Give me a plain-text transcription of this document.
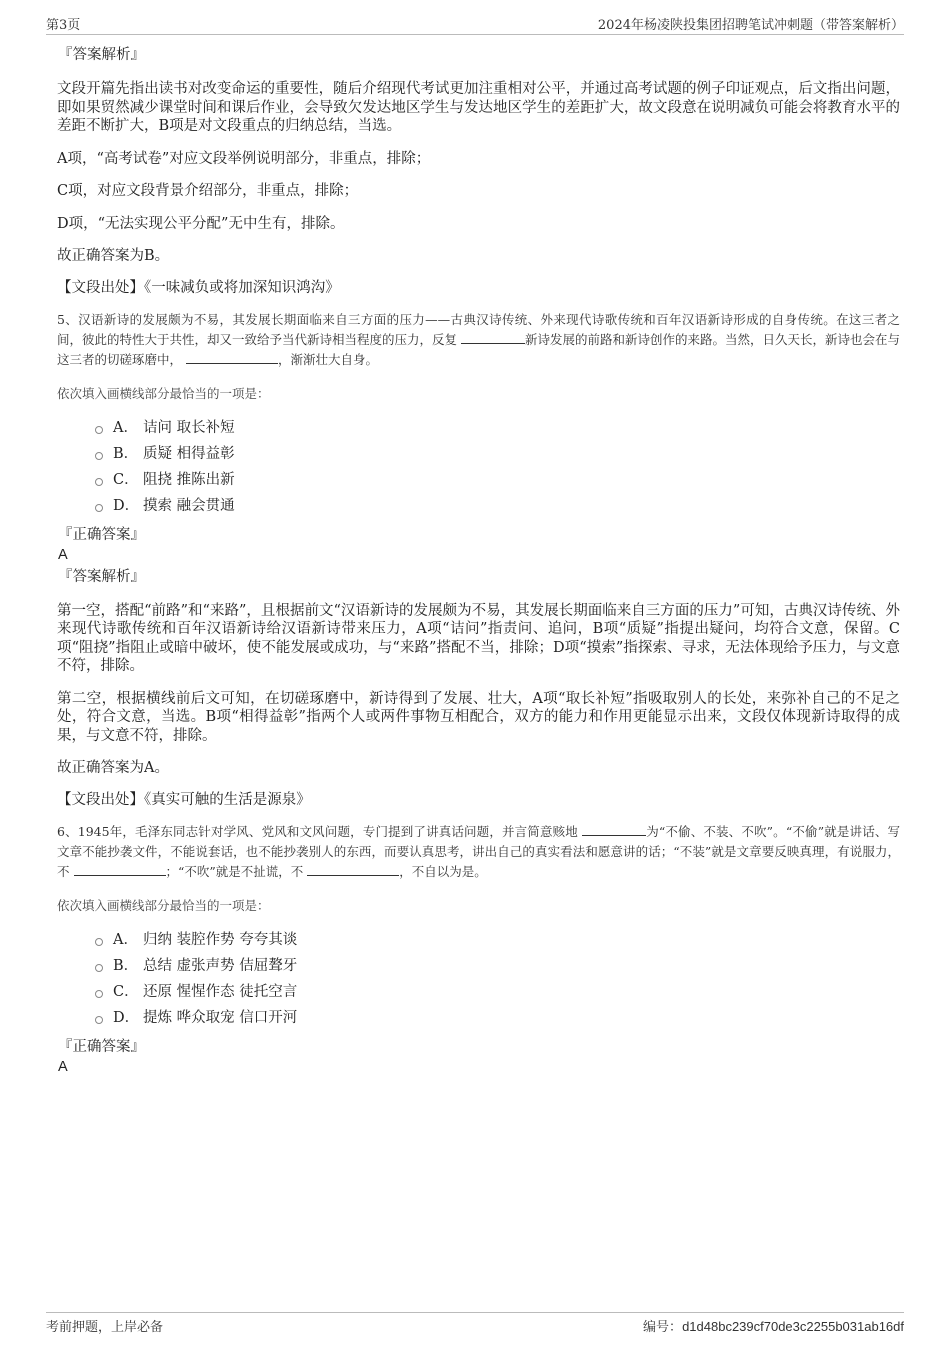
第3页	2024年杨凌陕投集团招聘笔试冲刺题（带答案解析）

『答案解析』

文段开篇先指出读书对改变命运的重要性，随后介绍现代考试更加注重相对公平，并通过高考试题的例子印证观点，后文指出问题，即如果贸然减少课堂时间和课后作业，会导致欠发达地区学生与发达地区学生的差距扩大，故文段意在说明减负可能会将教育水平的差距不断扩大，B项是对文段重点的归纳总结，当选。

A项，“高考试卷”对应文段举例说明部分，非重点，排除；

C项，对应文段背景介绍部分，非重点，排除；

D项，“无法实现公平分配”无中生有，排除。

故正确答案为B。

【文段出处】《一味减负或将加深知识鸿沟》

5、汉语新诗的发展颇为不易，其发展长期面临来自三方面的压力——古典汉诗传统、外来现代诗歌传统和百年汉语新诗形成的自身传统。在这三者之间，彼此的特性大于共性，却又一致给予当代新诗相当程度的压力，反复	新诗发展的前路和新诗创作的来路。当然，日久天长，新诗也会在与这三者的切磋琢磨中，	，渐渐壮大自身。

依次填入画横线部分最恰当的一项是：

A． 诘问 取长补短
B． 质疑 相得益彰
C． 阻挠 推陈出新
D． 摸索 融会贯通

『正确答案』

A

『答案解析』

第一空，搭配“前路”和“来路”，且根据前文“汉语新诗的发展颇为不易，其发展长期面临来自三方面的压力”可知，古典汉诗传统、外来现代诗歌传统和百年汉语新诗给汉语新诗带来压力，A项“诘问”指责问、追问，B项“质疑”指提出疑问，均符合文意，保留。C项“阻挠”指阻止或暗中破坏，使不能发展或成功，与“来路”搭配不当，排除；D项“摸索”指探索、寻求，无法体现给予压力，与文意不符，排除。

第二空，根据横线前后文可知，在切磋琢磨中，新诗得到了发展、壮大，A项“取长补短”指吸取别人的长处，来弥补自己的不足之处，符合文意，当选。B项“相得益彰”指两个人或两件事物互相配合，双方的能力和作用更能显示出来，文段仅体现新诗取得的成果，与文意不符，排除。

故正确答案为A。

【文段出处】《真实可触的生活是源泉》

6、1945年，毛泽东同志针对学风、党风和文风问题，专门提到了讲真话问题，并言简意赅地	为“不偷、不装、不吹”。“不偷”就是讲话、写文章不能抄袭文件，不能说套话，也不能抄袭别人的东西，而要认真思考，讲出自己的真实看法和愿意讲的话；“不装”就是文章要反映真理，有说服力，不	；“不吹”就是不扯谎，不	，不自以为是。

依次填入画横线部分最恰当的一项是：

A． 归纳 装腔作势 夸夸其谈
B． 总结 虚张声势 佶屈聱牙
C． 还原 惺惺作态 徒托空言
D． 提炼 哗众取宠 信口开河

『正确答案』

A

考前押题，上岸必备	编号：d1d48bc239cf70de3c2255b031ab16df
